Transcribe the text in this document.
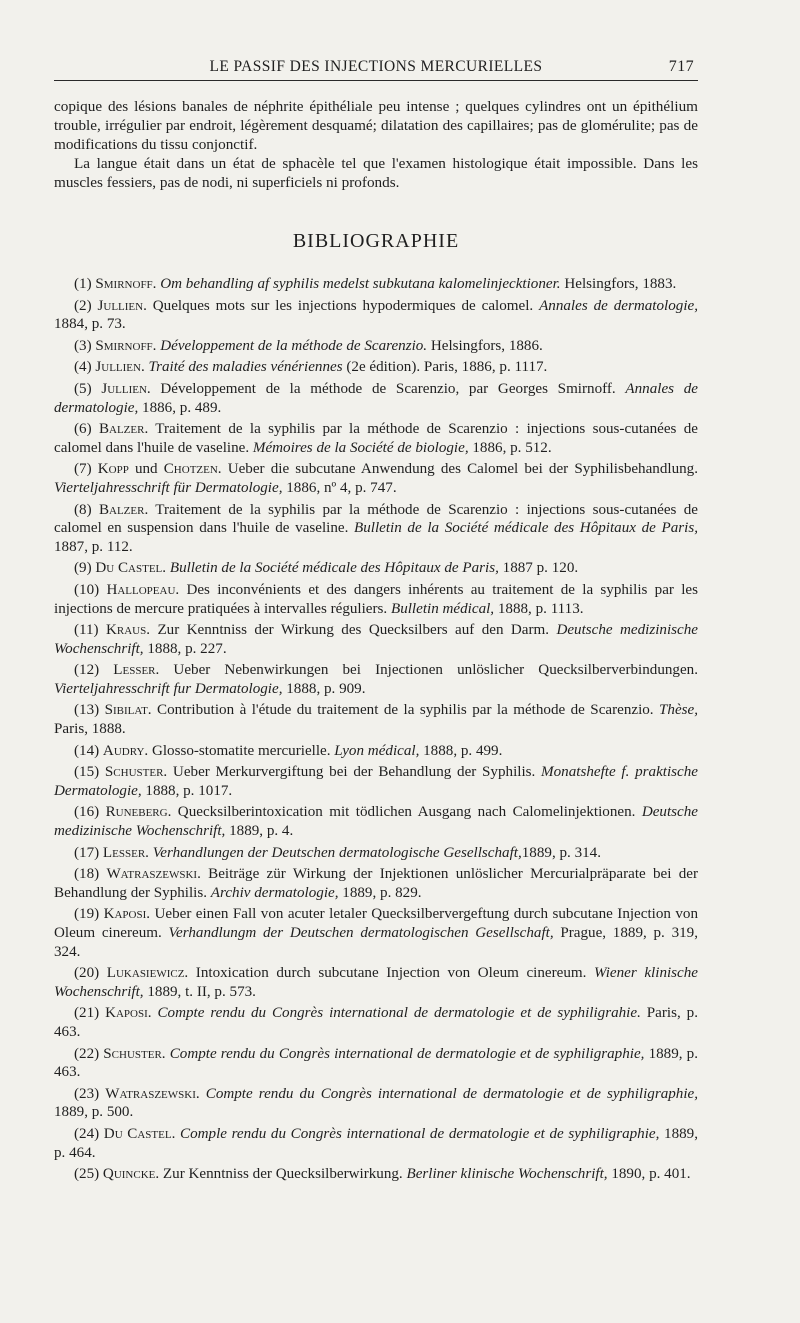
LE PASSIF DES INJECTIONS MERCURIELLES	717

copique des lésions banales de néphrite épithéliale peu intense ; quelques cylindres ont un épithélium trouble, irrégulier par endroit, légèrement desquamé; dilatation des capillaires; pas de glomérulite; pas de modifications du tissu conjonctif.

La langue était dans un état de sphacèle tel que l'examen histologique était impossible. Dans les muscles fessiers, pas de nodi, ni superficiels ni profonds.

BIBLIOGRAPHIE

(1) Smirnoff. Om behandling af syphilis medelst subkutana kalomelinjecktioner. Helsingfors, 1883.

(2) Jullien. Quelques mots sur les injections hypodermiques de calomel. Annales de dermatologie, 1884, p. 73.

(3) Smirnoff. Développement de la méthode de Scarenzio. Helsingfors, 1886.

(4) Jullien. Traité des maladies vénériennes (2e édition). Paris, 1886, p. 1117.

(5) Jullien. Développement de la méthode de Scarenzio, par Georges Smirnoff. Annales de dermatologie, 1886, p. 489.

(6) Balzer. Traitement de la syphilis par la méthode de Scarenzio : injections sous-cutanées de calomel dans l'huile de vaseline. Mémoires de la Société de biologie, 1886, p. 512.

(7) Kopp und Chotzen. Ueber die subcutane Anwendung des Calomel bei der Syphilisbehandlung. Vierteljahresschrift für Dermatologie, 1886, nº 4, p. 747.

(8) Balzer. Traitement de la syphilis par la méthode de Scarenzio : injections sous-cutanées de calomel en suspension dans l'huile de vaseline. Bulletin de la Société médicale des Hôpitaux de Paris, 1887, p. 112.

(9) Du Castel. Bulletin de la Société médicale des Hôpitaux de Paris, 1887 p. 120.

(10) Hallopeau. Des inconvénients et des dangers inhérents au traitement de la syphilis par les injections de mercure pratiquées à intervalles réguliers. Bulletin médical, 1888, p. 1113.

(11) Kraus. Zur Kenntniss der Wirkung des Quecksilbers auf den Darm. Deutsche medizinische Wochenschrift, 1888, p. 227.

(12) Lesser. Ueber Nebenwirkungen bei Injectionen unlöslicher Quecksilberverbindungen. Vierteljahresschrift fur Dermatologie, 1888, p. 909.

(13) Sibilat. Contribution à l'étude du traitement de la syphilis par la méthode de Scarenzio. Thèse, Paris, 1888.

(14) Audry. Glosso-stomatite mercurielle. Lyon médical, 1888, p. 499.

(15) Schuster. Ueber Merkurvergiftung bei der Behandlung der Syphilis. Monatshefte f. praktische Dermatologie, 1888, p. 1017.

(16) Runeberg. Quecksilberintoxication mit tödlichen Ausgang nach Calomelinjektionen. Deutsche medizinische Wochenschrift, 1889, p. 4.

(17) Lesser. Verhandlungen der Deutschen dermatologische Gesellschaft,1889, p. 314.

(18) Watraszewski. Beiträge zür Wirkung der Injektionen unlöslicher Mercurialpräparate bei der Behandlung der Syphilis. Archiv dermatologie, 1889, p. 829.

(19) Kaposi. Ueber einen Fall von acuter letaler Quecksilbervergeftung durch subcutane Injection von Oleum cinereum. Verhandlungm der Deutschen dermatologischen Gesellschaft, Prague, 1889, p. 319, 324.

(20) Lukasiewicz. Intoxication durch subcutane Injection von Oleum cinereum. Wiener klinische Wochenschrift, 1889, t. II, p. 573.

(21) Kaposi. Compte rendu du Congrès international de dermatologie et de syphiligrahie. Paris, p. 463.

(22) Schuster. Compte rendu du Congrès international de dermatologie et de syphiligraphie, 1889, p. 463.

(23) Watraszewski. Compte rendu du Congrès international de dermatologie et de syphiligraphie, 1889, p. 500.

(24) Du Castel. Comple rendu du Congrès international de dermatologie et de syphiligraphie, 1889, p. 464.

(25) Quincke. Zur Kenntniss der Quecksilberwirkung. Berliner klinische Wochenschrift, 1890, p. 401.
